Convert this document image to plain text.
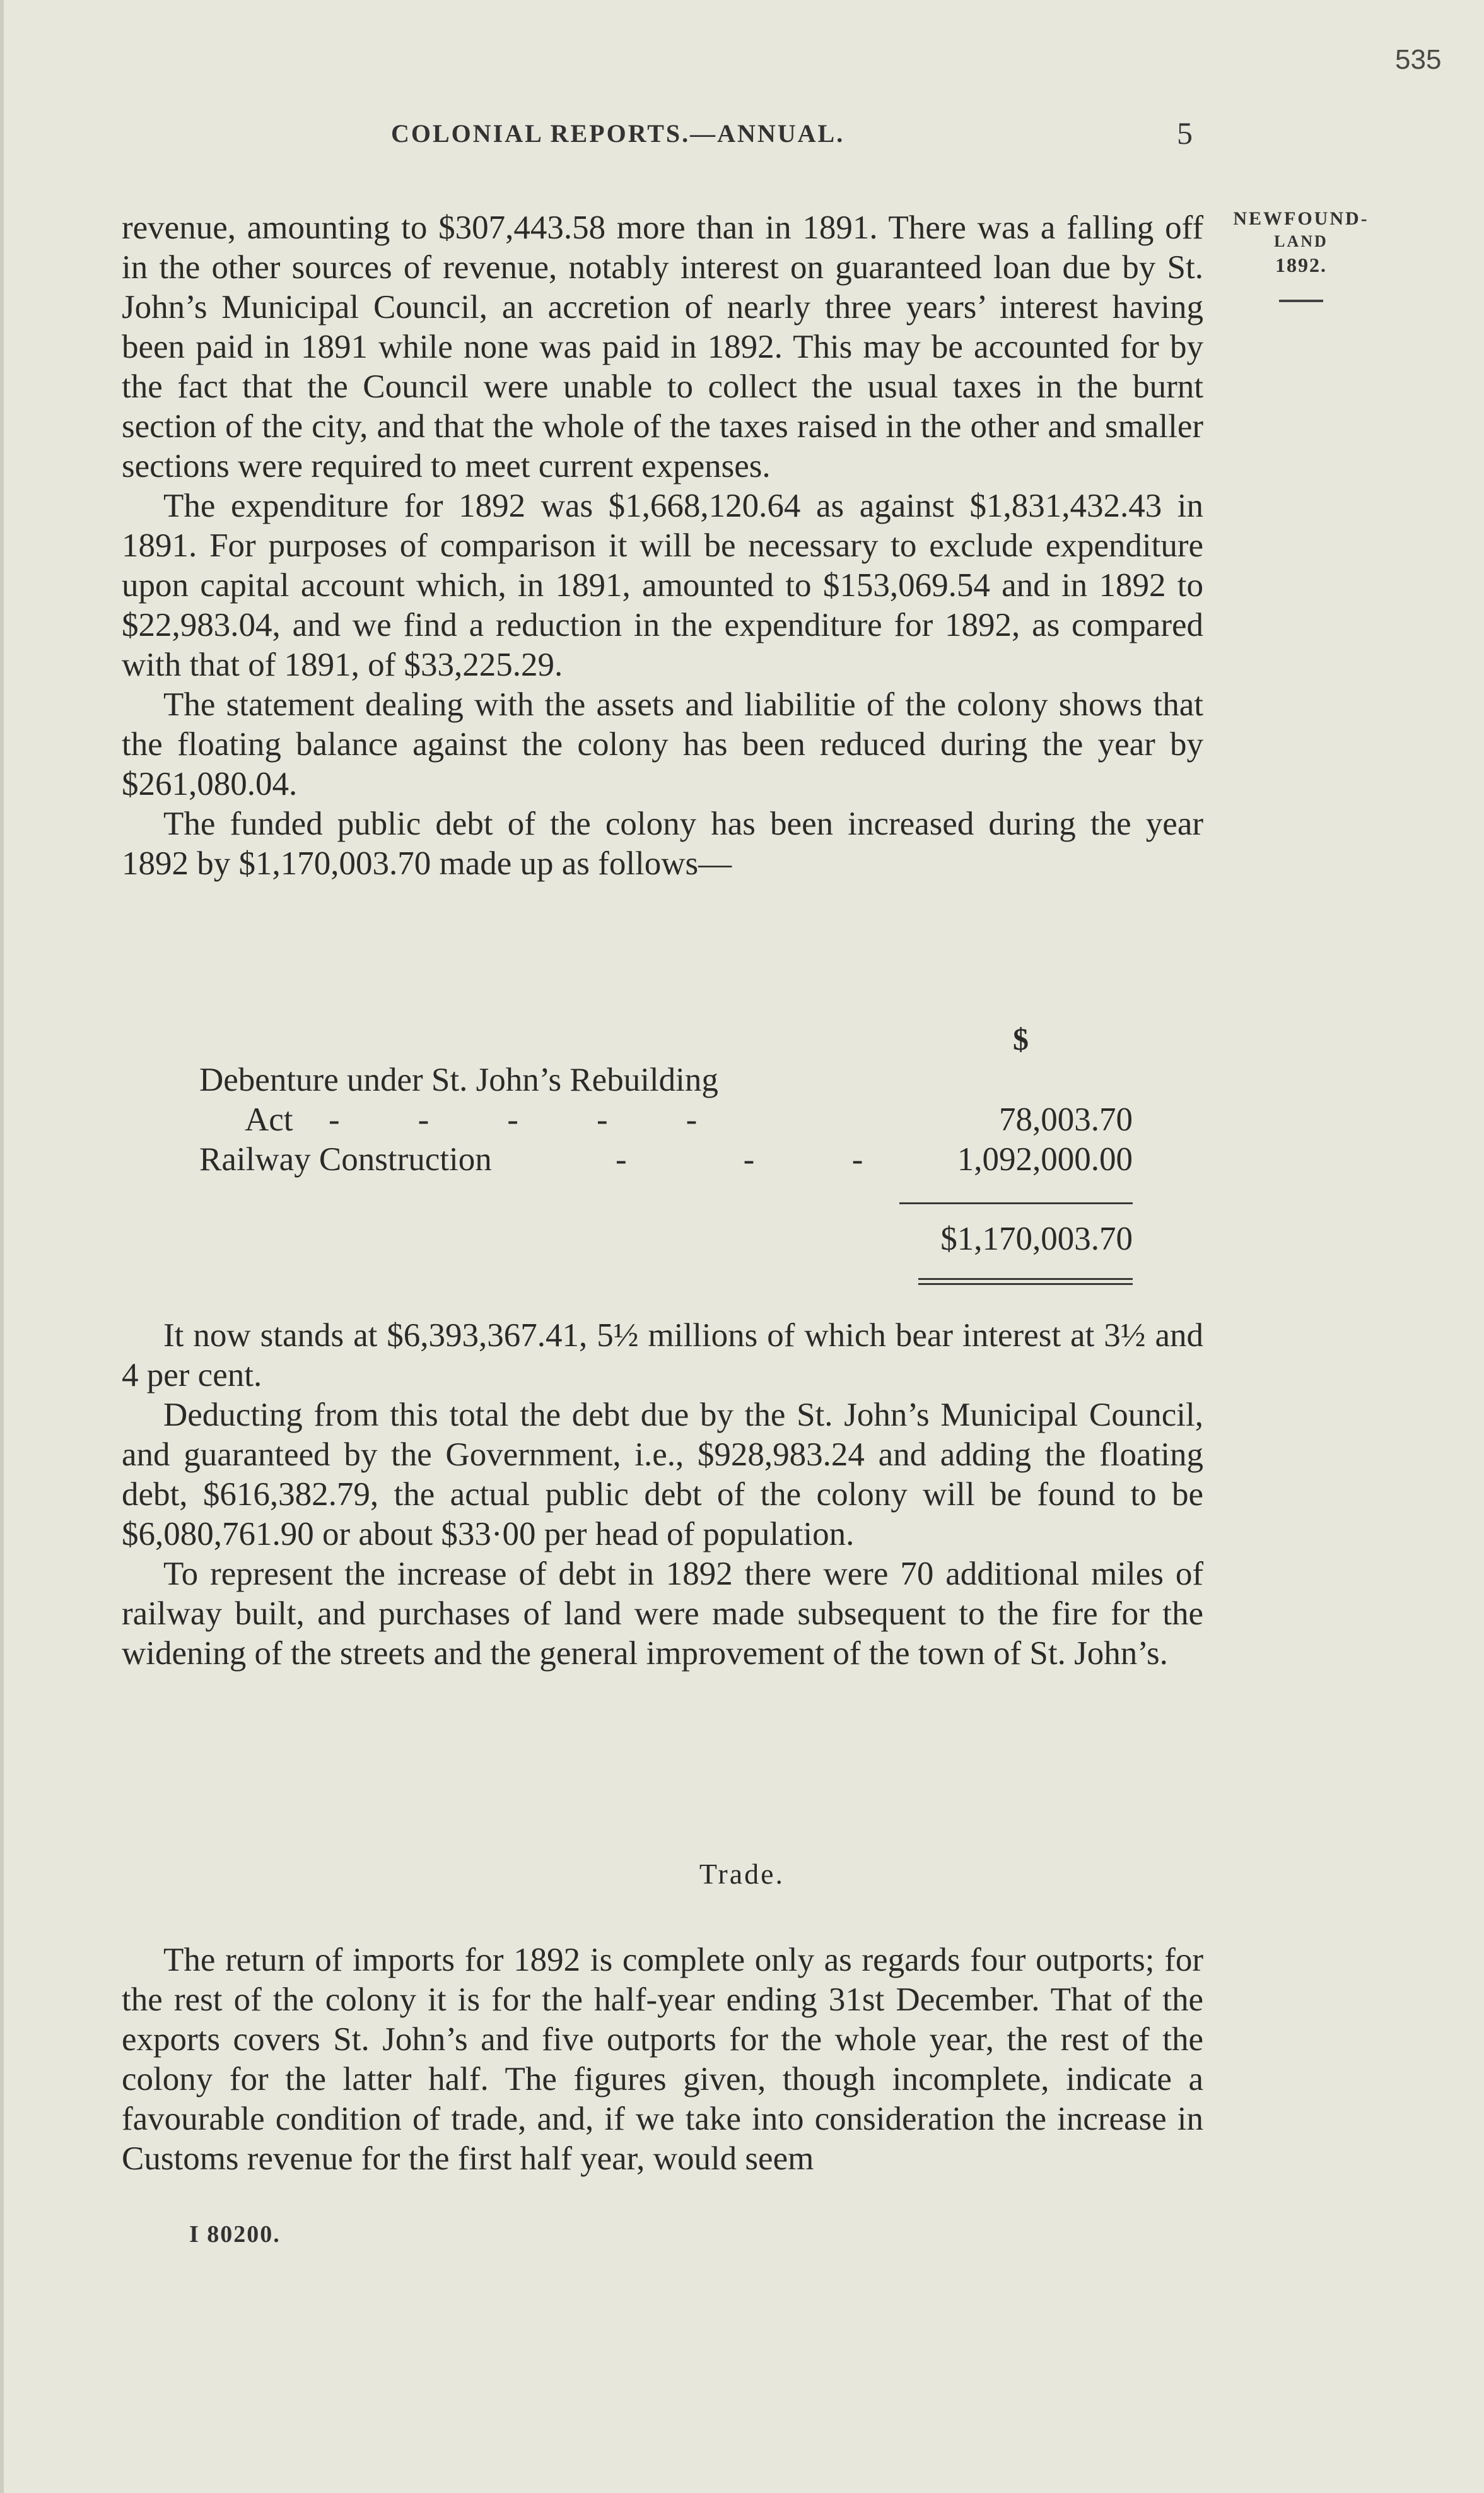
535
COLONIAL REPORTS.—ANNUAL.	5
NEWFOUND-
LAND
1892.

revenue, amounting to $307,443.58 more than in 1891. There was a falling off in the other sources of revenue, notably interest on guaranteed loan due by St. John’s Municipal Council, an accretion of nearly three years’ interest having been paid in 1891 while none was paid in 1892. This may be accounted for by the fact that the Council were unable to collect the usual taxes in the burnt section of the city, and that the whole of the taxes raised in the other and smaller sections were required to meet current expenses.

The expenditure for 1892 was $1,668,120.64 as against $1,831,432.43 in 1891. For purposes of comparison it will be necessary to exclude expenditure upon capital account which, in 1891, amounted to $153,069.54 and in 1892 to $22,983.04, and we find a reduction in the expenditure for 1892, as compared with that of 1891, of $33,225.29.

The statement dealing with the assets and liabilitie of the colony shows that the floating balance against the colony has been reduced during the year by $261,080.04.

The funded public debt of the colony has been increased during the year 1892 by $1,170,003.70 made up as follows—

$
Debenture under St. John’s Rebuilding
Act -        -        -        -        -	78,003.70
Railway Construction	-            -          -	1,092,000.00
$1,170,003.70

It now stands at $6,393,367.41, 5½ millions of which bear interest at 3½ and 4 per cent.

Deducting from this total the debt due by the St. John’s Municipal Council, and guaranteed by the Government, i.e., $928,983.24 and adding the floating debt, $616,382.79, the actual public debt of the colony will be found to be $6,080,761.90 or about $33·00 per head of population.

To represent the increase of debt in 1892 there were 70 additional miles of railway built, and purchases of land were made subsequent to the fire for the widening of the streets and the general improvement of the town of St. John’s.

Trade.

The return of imports for 1892 is complete only as regards four outports; for the rest of the colony it is for the half-year ending 31st December. That of the exports covers St. John’s and five outports for the whole year, the rest of the colony for the latter half. The figures given, though incomplete, indicate a favourable condition of trade, and, if we take into consideration the increase in Customs revenue for the first half year, would seem

I 80200.
